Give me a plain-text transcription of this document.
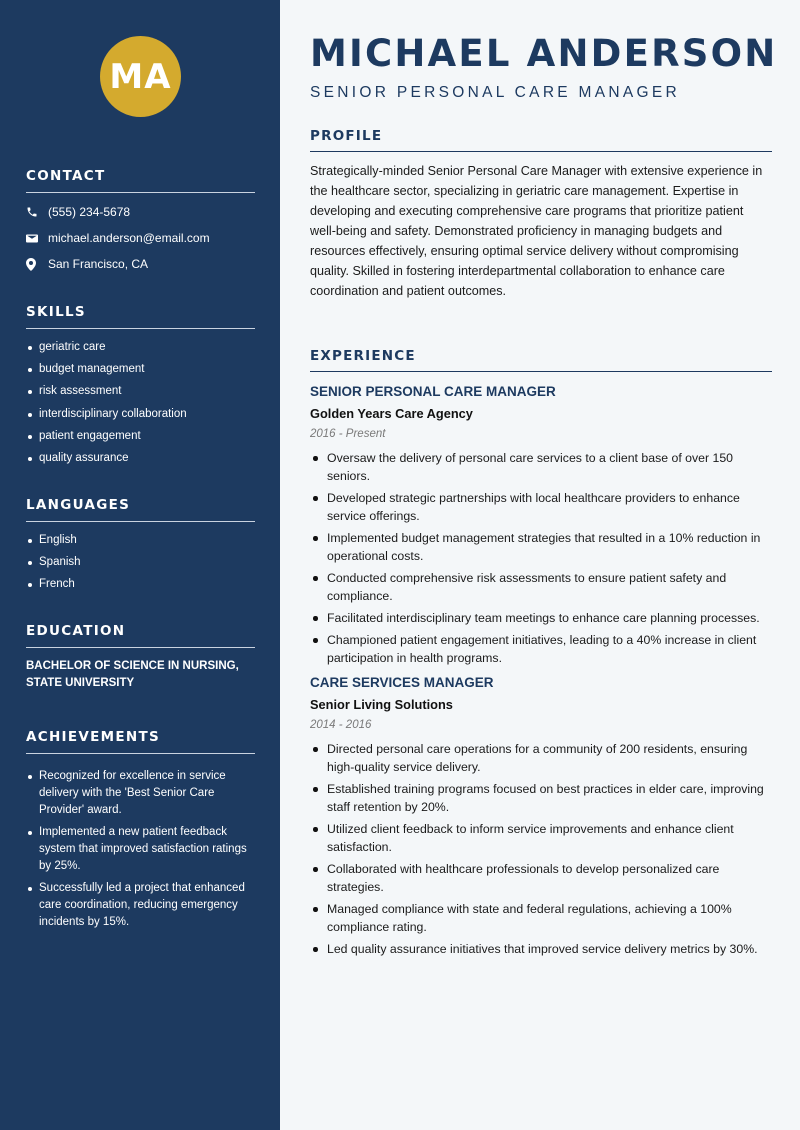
MA
CONTACT
(555) 234-5678
michael.anderson@email.com
San Francisco, CA
SKILLS
geriatric care
budget management
risk assessment
interdisciplinary collaboration
patient engagement
quality assurance
LANGUAGES
English
Spanish
French
EDUCATION
BACHELOR OF SCIENCE IN NURSING, STATE UNIVERSITY
ACHIEVEMENTS
Recognized for excellence in service delivery with the 'Best Senior Care Provider' award.
Implemented a new patient feedback system that improved satisfaction ratings by 25%.
Successfully led a project that enhanced care coordination, reducing emergency incidents by 15%.
MICHAEL ANDERSON
SENIOR PERSONAL CARE MANAGER
PROFILE

Strategically-minded Senior Personal Care Manager with extensive experience in the healthcare sector, specializing in geriatric care management. Expertise in developing and executing comprehensive care programs that prioritize patient well-being and safety. Demonstrated proficiency in managing budgets and resources effectively, ensuring optimal service delivery without compromising quality. Skilled in fostering interdepartmental collaboration to enhance care coordination and patient outcomes.

EXPERIENCE
SENIOR PERSONAL CARE MANAGER
Golden Years Care Agency
2016 - Present
Oversaw the delivery of personal care services to a client base of over 150 seniors.
Developed strategic partnerships with local healthcare providers to enhance service offerings.
Implemented budget management strategies that resulted in a 10% reduction in operational costs.
Conducted comprehensive risk assessments to ensure patient safety and compliance.
Facilitated interdisciplinary team meetings to enhance care planning processes.
Championed patient engagement initiatives, leading to a 40% increase in client participation in health programs.
CARE SERVICES MANAGER
Senior Living Solutions
2014 - 2016
Directed personal care operations for a community of 200 residents, ensuring high-quality service delivery.
Established training programs focused on best practices in elder care, improving staff retention by 20%.
Utilized client feedback to inform service improvements and enhance client satisfaction.
Collaborated with healthcare professionals to develop personalized care strategies.
Managed compliance with state and federal regulations, achieving a 100% compliance rating.
Led quality assurance initiatives that improved service delivery metrics by 30%.
